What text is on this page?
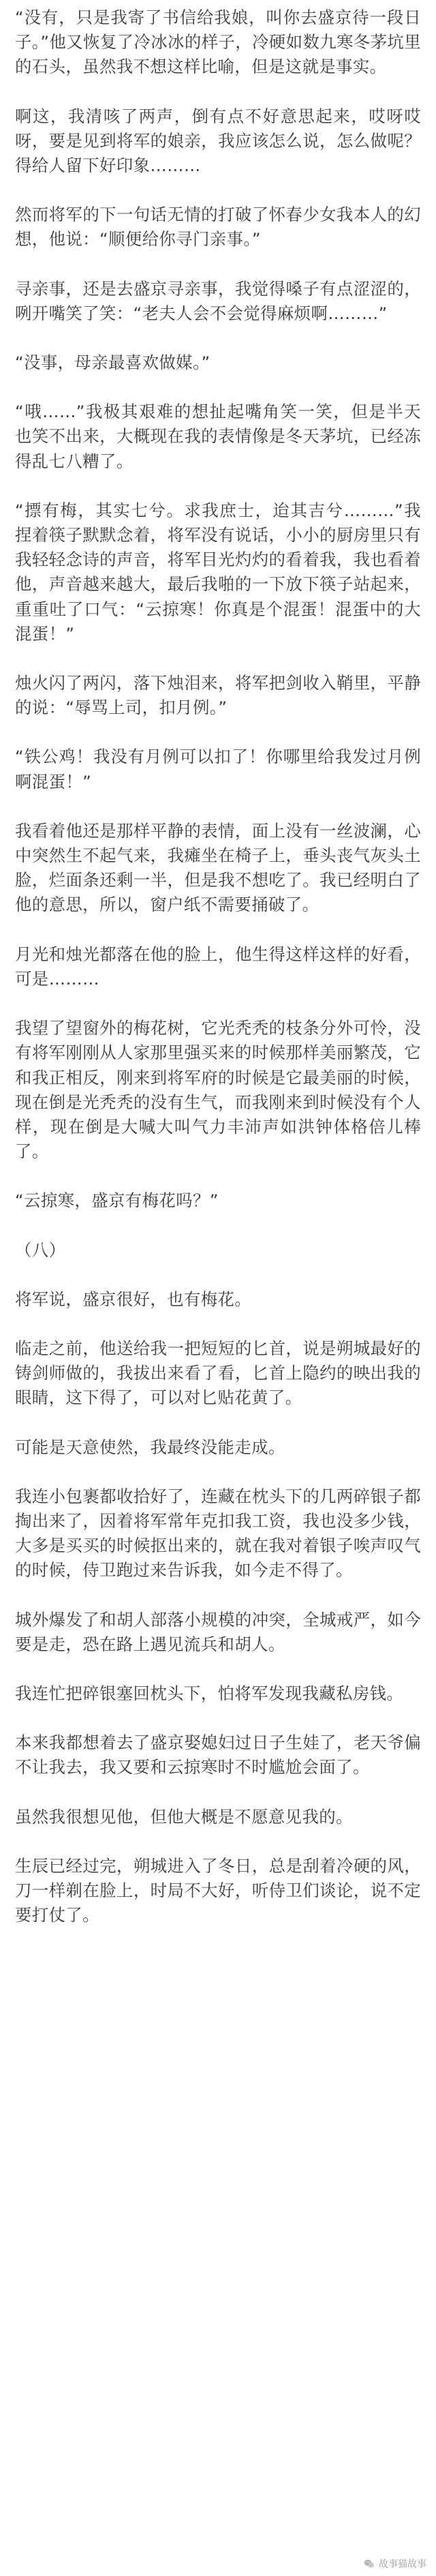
“没有，只是我寄了书信给我娘，叫你去盛京待一段日子。”他又恢复了冷冰冰的样子，冷硬如数九寒冬茅坑里的石头，虽然我不想这样比喻，但是这就是事实。

啊这，我清咳了两声，倒有点不好意思起来，哎呀哎呀，要是见到将军的娘亲，我应该怎么说，怎么做呢？得给人留下好印象………

然而将军的下一句话无情的打破了怀春少女我本人的幻想，他说：“顺便给你寻门亲事。”

寻亲事，还是去盛京寻亲事，我觉得嗓子有点涩涩的，咧开嘴笑了笑：“老夫人会不会觉得麻烦啊………”

“没事，母亲最喜欢做媒。”

“哦……”我极其艰难的想扯起嘴角笑一笑，但是半天也笑不出来，大概现在我的表情像是冬天茅坑，已经冻得乱七八糟了。

“摽有梅，其实七兮。求我庶士，迨其吉兮………”我捏着筷子默默念着，将军没有说话，小小的厨房里只有我轻轻念诗的声音，将军目光灼灼的看着我，我也看着他，声音越来越大，最后我啪的一下放下筷子站起来，重重吐了口气：“云掠寒！你真是个混蛋！混蛋中的大混蛋！”

烛火闪了两闪，落下烛泪来，将军把剑收入鞘里，平静的说：“辱骂上司，扣月例。”

“铁公鸡！我没有月例可以扣了！你哪里给我发过月例啊混蛋！”

我看着他还是那样平静的表情，面上没有一丝波澜，心中突然生不起气来，我瘫坐在椅子上，垂头丧气灰头土脸，烂面条还剩一半，但是我不想吃了。我已经明白了他的意思，所以，窗户纸不需要捅破了。

月光和烛光都落在他的脸上，他生得这样这样的好看，可是………

我望了望窗外的梅花树，它光秃秃的枝条分外可怜，没有将军刚刚从人家那里强买来的时候那样美丽繁茂，它和我正相反，刚来到将军府的时候是它最美丽的时候，现在倒是光秃秃的没有生气，而我刚来到时候没有个人样，现在倒是大喊大叫气力丰沛声如洪钟体格倍儿棒了。

“云掠寒，盛京有梅花吗？”

（八）

将军说，盛京很好，也有梅花。

临走之前，他送给我一把短短的匕首，说是朔城最好的铸剑师做的，我拔出来看了看，匕首上隐约的映出我的眼睛，这下得了，可以对匕贴花黄了。

可能是天意使然，我最终没能走成。

我连小包裹都收拾好了，连藏在枕头下的几两碎银子都掏出来了，因着将军常年克扣我工资，我也没多少钱，大多是买买的时候抠出来的，就在我对着银子唉声叹气的时候，侍卫跑过来告诉我，如今走不得了。

城外爆发了和胡人部落小规模的冲突，全城戒严，如今要是走，恐在路上遇见流兵和胡人。

我连忙把碎银塞回枕头下，怕将军发现我藏私房钱。

本来我都想着去了盛京娶媳妇过日子生娃了，老天爷偏不让我去，我又要和云掠寒时不时尴尬会面了。

虽然我很想见他，但他大概是不愿意见我的。

生辰已经过完，朔城进入了冬日，总是刮着冷硬的风，刀一样剃在脸上，时局不大好，听侍卫们谈论，说不定要打仗了。

故事猫故事
